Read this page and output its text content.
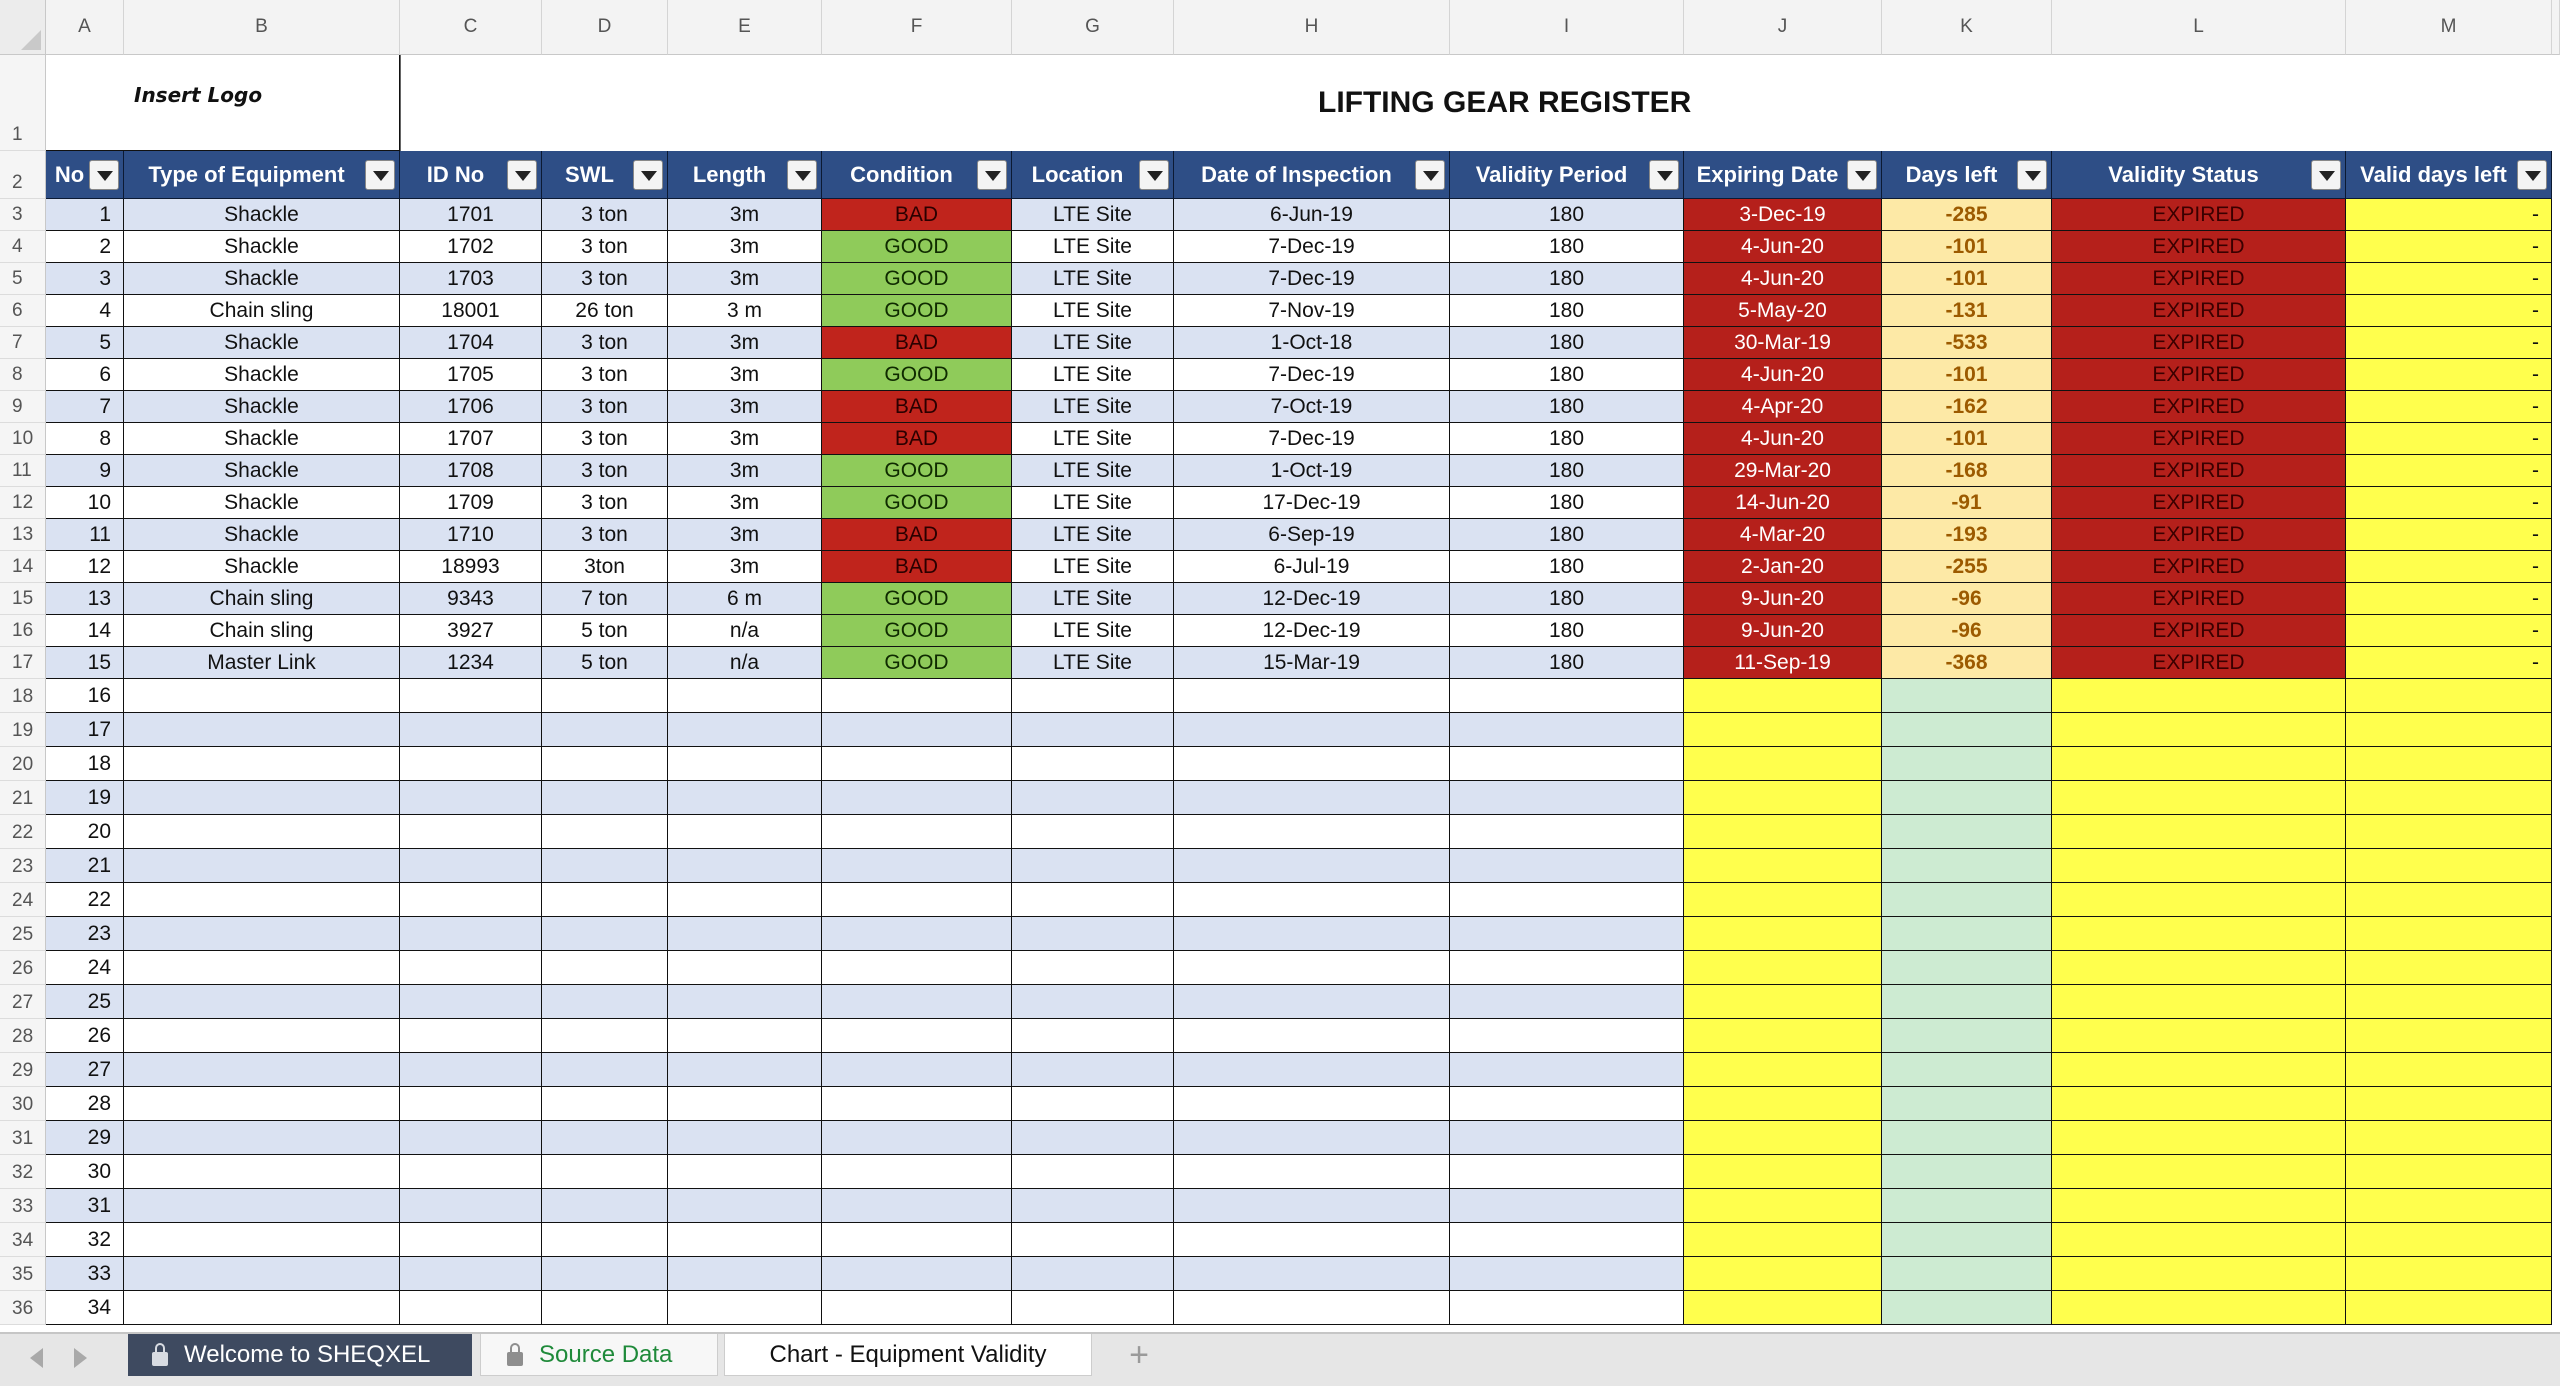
A	B	C	D	E	F	G	H	I	J	K	L	M
1
2
3
4
5
6
7
8
9
10
11
12
13
14
15
16
17
18
19
20
21
22
23
24
25
26
27
28
29
30
31
32
33
34
35
36
No	Type of Equipment	ID No	SWL	Length	Condition	Location	Date of Inspection	Validity Period	Expiring Date	Days left	Validity Status	Valid days left
1	Shackle	1701	3 ton	3m	BAD	LTE Site	6-Jun-19	180	3-Dec-19	-285	EXPIRED	-
2	Shackle	1702	3 ton	3m	GOOD	LTE Site	7-Dec-19	180	4-Jun-20	-101	EXPIRED	-
3	Shackle	1703	3 ton	3m	GOOD	LTE Site	7-Dec-19	180	4-Jun-20	-101	EXPIRED	-
4	Chain sling	18001	26 ton	3 m	GOOD	LTE Site	7-Nov-19	180	5-May-20	-131	EXPIRED	-
5	Shackle	1704	3 ton	3m	BAD	LTE Site	1-Oct-18	180	30-Mar-19	-533	EXPIRED	-
6	Shackle	1705	3 ton	3m	GOOD	LTE Site	7-Dec-19	180	4-Jun-20	-101	EXPIRED	-
7	Shackle	1706	3 ton	3m	BAD	LTE Site	7-Oct-19	180	4-Apr-20	-162	EXPIRED	-
8	Shackle	1707	3 ton	3m	BAD	LTE Site	7-Dec-19	180	4-Jun-20	-101	EXPIRED	-
9	Shackle	1708	3 ton	3m	GOOD	LTE Site	1-Oct-19	180	29-Mar-20	-168	EXPIRED	-
10	Shackle	1709	3 ton	3m	GOOD	LTE Site	17-Dec-19	180	14-Jun-20	-91	EXPIRED	-
11	Shackle	1710	3 ton	3m	BAD	LTE Site	6-Sep-19	180	4-Mar-20	-193	EXPIRED	-
12	Shackle	18993	3ton	3m	BAD	LTE Site	6-Jul-19	180	2-Jan-20	-255	EXPIRED	-
13	Chain sling	9343	7 ton	6 m	GOOD	LTE Site	12-Dec-19	180	9-Jun-20	-96	EXPIRED	-
14	Chain sling	3927	5 ton	n/a	GOOD	LTE Site	12-Dec-19	180	9-Jun-20	-96	EXPIRED	-
15	Master Link	1234	5 ton	n/a	GOOD	LTE Site	15-Mar-19	180	11-Sep-19	-368	EXPIRED	-
16
17
18
19
20
21
22
23
24
25
26
27
28
29
30
31
32
33
34
Insert Logo	LIFTING GEAR REGISTER
Welcome to SHEQXEL	Source Data	Chart - Equipment Validity +
